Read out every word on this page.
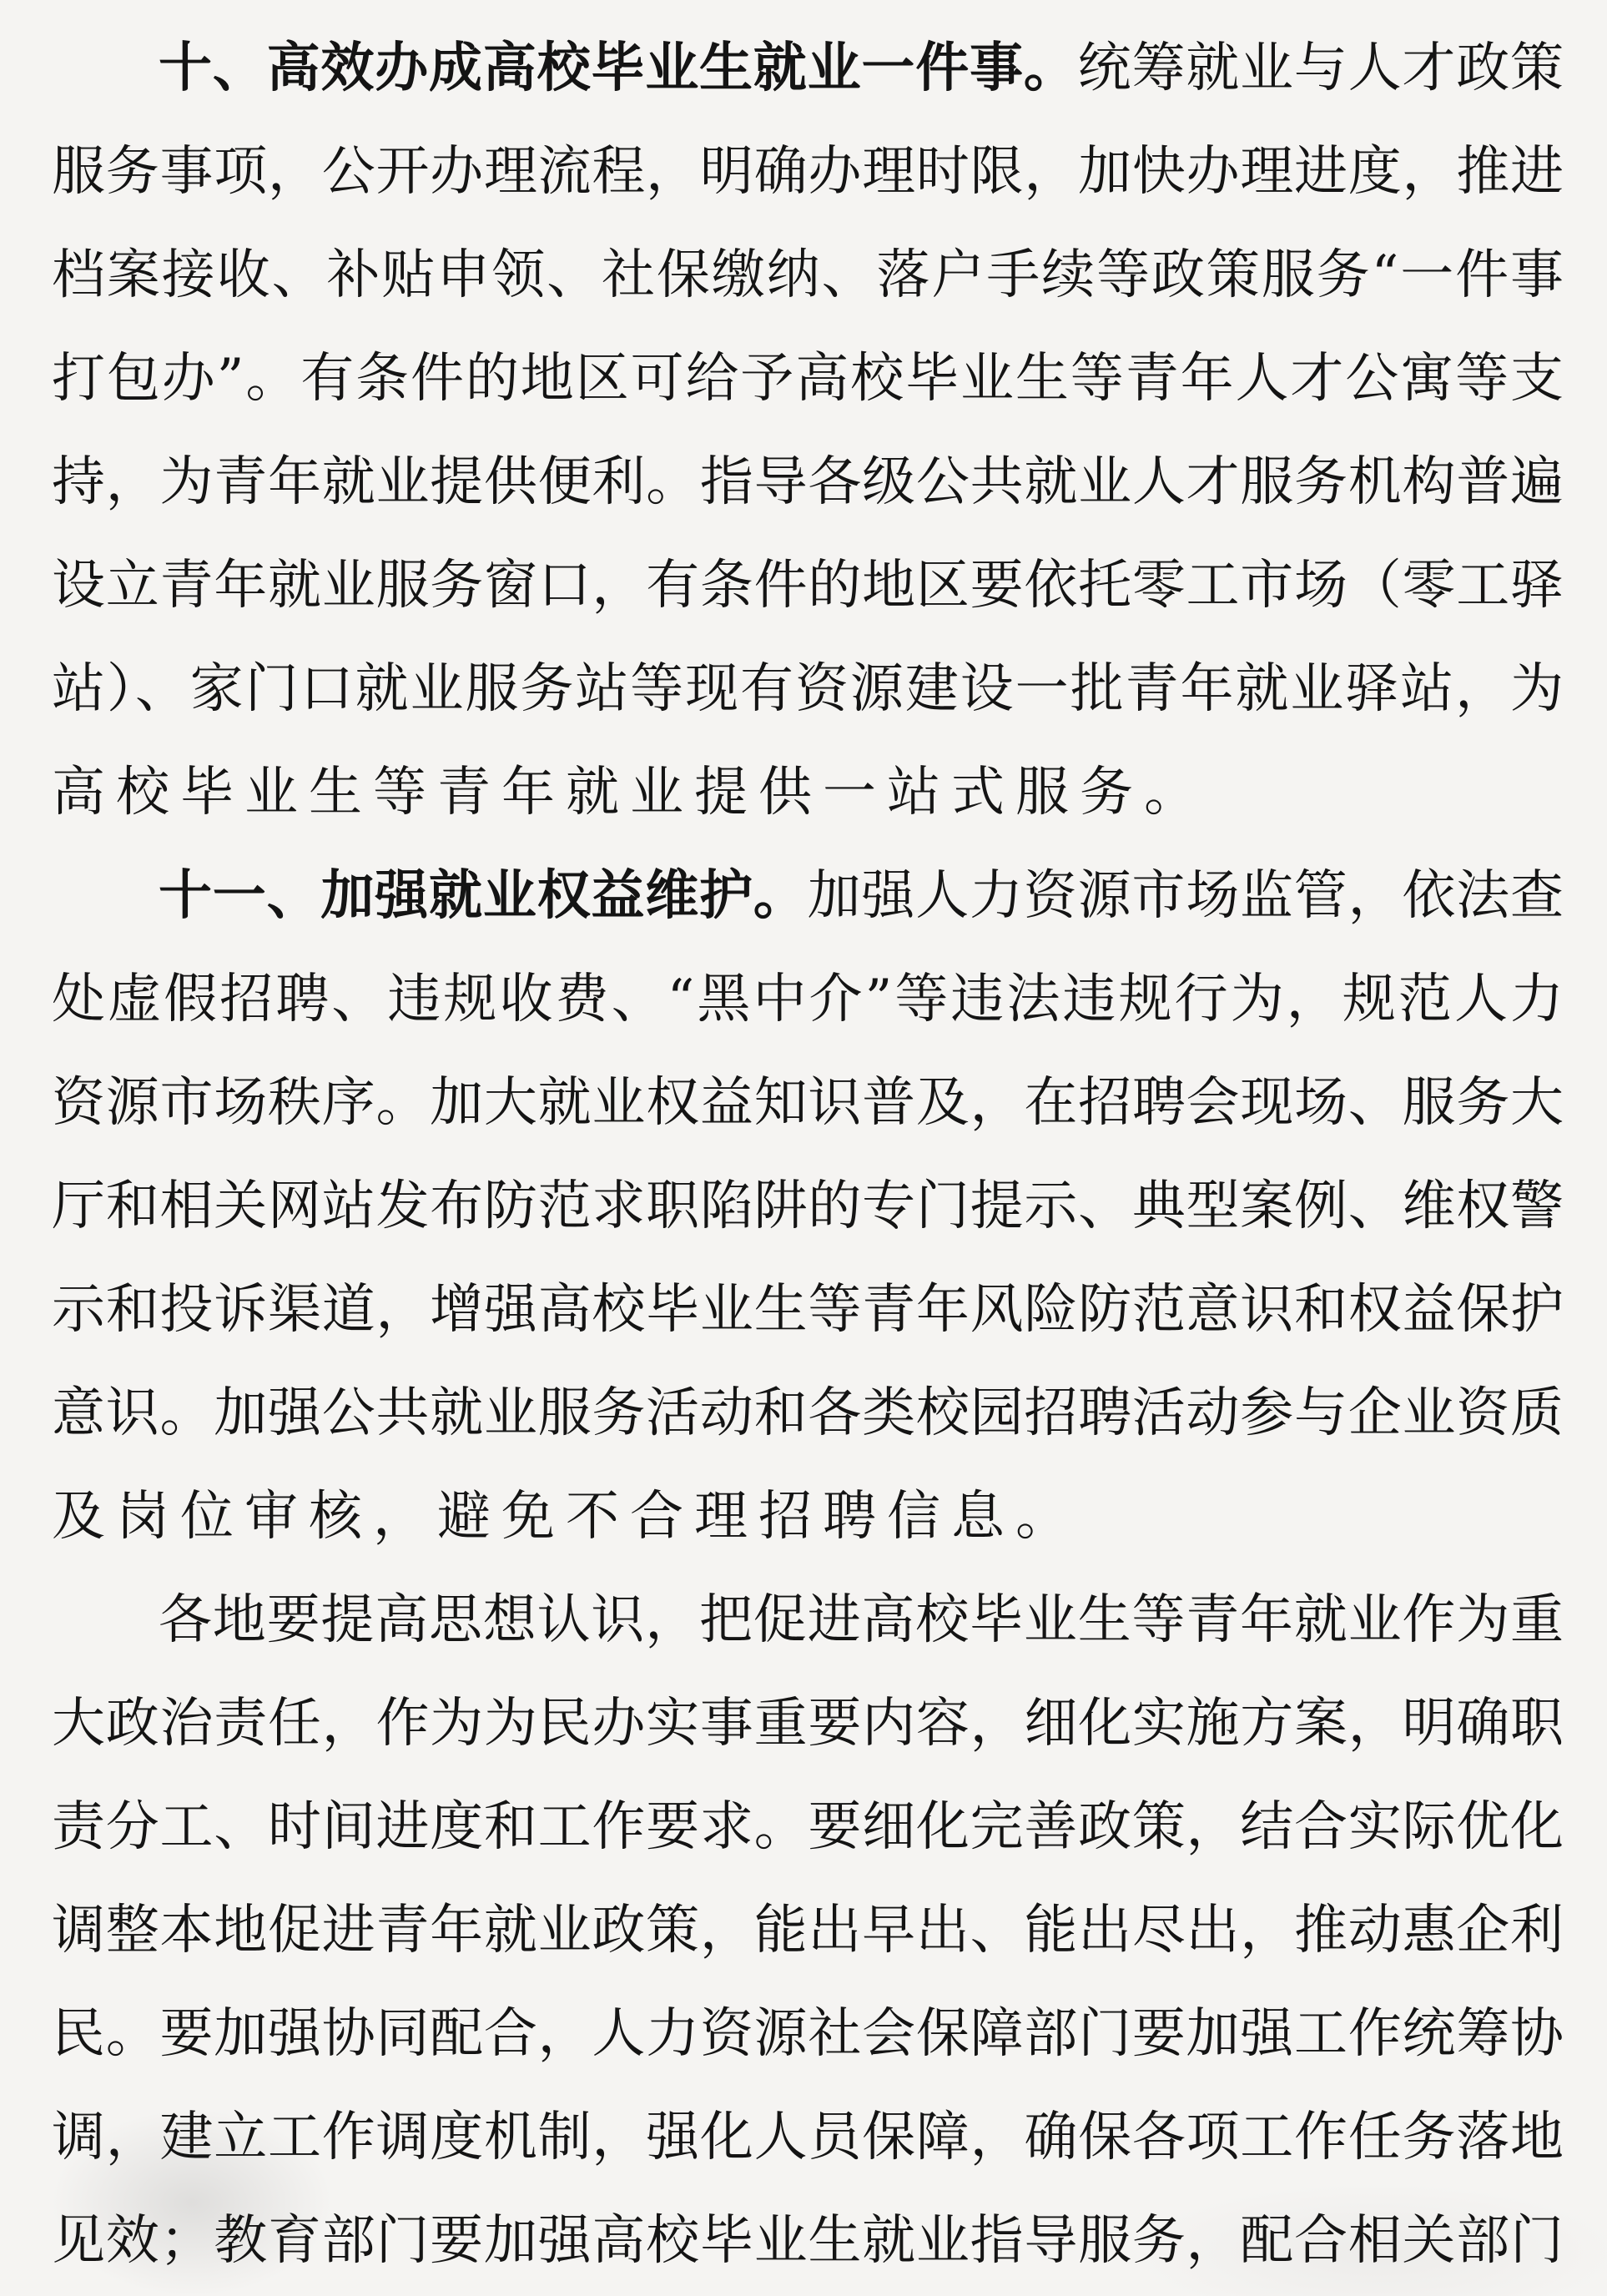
十、高效办成高校毕业生就业一件事。统筹就业与人才政策
服务事项，公开办理流程，明确办理时限，加快办理进度，推进
档案接收、补贴申领、社保缴纳、落户手续等政策服务“一件事
打包办”。有条件的地区可给予高校毕业生等青年人才公寓等支
持，为青年就业提供便利。指导各级公共就业人才服务机构普遍
设立青年就业服务窗口，有条件的地区要依托零工市场（零工驿
站）、家门口就业服务站等现有资源建设一批青年就业驿站，为
高校毕业生等青年就业提供一站式服务。
十一、加强就业权益维护。加强人力资源市场监管，依法查
处虚假招聘、违规收费、“黑中介”等违法违规行为，规范人力
资源市场秩序。加大就业权益知识普及，在招聘会现场、服务大
厅和相关网站发布防范求职陷阱的专门提示、典型案例、维权警
示和投诉渠道，增强高校毕业生等青年风险防范意识和权益保护
意识。加强公共就业服务活动和各类校园招聘活动参与企业资质
及岗位审核，避免不合理招聘信息。
各地要提高思想认识，把促进高校毕业生等青年就业作为重
大政治责任，作为为民办实事重要内容，细化实施方案，明确职
责分工、时间进度和工作要求。要细化完善政策，结合实际优化
调整本地促进青年就业政策，能出早出、能出尽出，推动惠企利
民。要加强协同配合，人力资源社会保障部门要加强工作统筹协
调，建立工作调度机制，强化人员保障，确保各项工作任务落地
见效；教育部门要加强高校毕业生就业指导服务，配合相关部门
